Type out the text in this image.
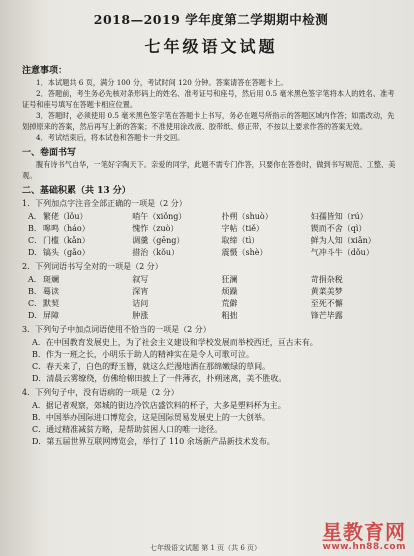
2018—2019 学年度第二学期期中检测
七年级语文试题
注意事项：

1．本试题共 6 页，满分 100 分，考试时间 120 分钟。答案请答在答题卡上。

2．答题前，考生务必先核对条形码上的姓名、准考证号和座号，然后用 0.5 毫米黑色签字笔将本人的姓名、准考证号和座号填写在答题卡相应位置。

3．答题时，必须使用 0.5 毫米黑色签字笔在答题卡上书写，务必在题号所指示的答题区域内作答；如需改动，先划掉原来的答案，然后再写上新的答案；不准使用涂改液、胶带纸、修正带，不按以上要求作答的答案无效。

4．考试结束后，将本试卷和答题卡一并交回。

一、卷面书写

腹有诗书气自华，一笔好字陶天下。亲爱的同学，此题不需专门作答，只要你在答卷时，做到书写规范、工整、美观。

二、基础积累（共 13 分）
1．下列加点字注音全部正确的一项是（2 分）
A． 繁佬（lǒu）	哨午（xiǒng）	扑朔（shuò）	妇孺皆知（rú）
B． 嗥鸣（háo）	愧怍（zuò）	字帖（tiě）	锲而不舍（qì）
C． 门槛（kǎn）	调羹（gēng）	取缔（tì）	鲜为人知（xiǎn）
D． 镐头（gǎo）	措治（kǒu）	震慑（shè）	气冲斗牛（dǒu）
2．下列词语书写全对的一项是（2 分）
A． 斑斓	叙写	狂澜	苛捐杂税
B． 蓦读	深宵	烦躁	黄菜美梦
C． 默契	诘问	荒僻	至死不懈
D． 屏障	肿涨	粗拙	锋芒毕露
3．下列句子中加点词语使用不恰当的一项是（2 分）

A．在中国教育发展史上，为了社会主义建设和学校发展而举校西迁，亘古未有。

B．作为一班之长，小明乐于助人的精神实在是令人可歌可泣。

C．春天来了，白色的野玉簪，就这么烂漫地洒在那绵嫩绿的草间。

D．清晨云雾缭绕，仿佛给棉田披上了一件薄衣，扑朔迷离，美不胜收。

4．下列句子中，没有语病的一项是（2 分）

A．据记者观察，郊城的街边冷饮店盛饮料的杯子，大多是塑料杯为主。

B．中国举办国际进口博览会，这是国际贸易发展史上的一大创举。

C．通过精准减贫方略，是帮助贫困人口的唯一途径。

D．第五届世界互联网博览会，举行了 110 余场新产品新技术发布。

七年级语文试题 第 1 页（共 6 页）
星教育网
www.hn88.com
